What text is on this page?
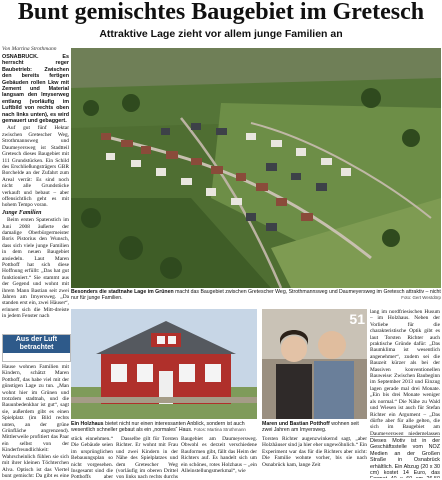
Bunt gemischtes Baugebiet im Gretesch
Attraktive Lage zieht vor allem junge Familien an
Von Martina Strothmann

OSNABRÜCK. Es herrscht reger Baubetrieb: Zwischen den bereits fertigen Gebäuden rollen Lkw mit Zement und Material langsam den Imyserweg entlang (vorläufig im Luftbild von rechts oben nach links unten), es wird gemauert und gebaggert.

Auf gut fünf Hektar zwischen Gretescher Weg, Strothmannsweg und Daumeyersweg ist Stadtteil Gretesch dieses Baugebiet mit 111 Grundstücken. Ein Schild des Erschließungsträgers GBR Borchelde an der Zufahrt zum Areal verrät: Es sind noch nicht alle Grundstücke verkauft und bebaut – aber offensichtlich geht es mit hohem Tempo voran.

Junge Familien

Beim ersten Spatenstich im Juni 2008 äußerte der damalige Oberbürgermeister Boris Pistorius den Wunsch, dass sich viele junge Familien in dem neuen Baugebiet ansiedeln. Laut Maren Potthoff hat sich diese Hoffnung erfüllt: „Das hat gut funktioniert.“ Sie stammt aus der Gegend und wohnt mit ihrem Mann Bastian seit zwei Jahren am Imyersweg. „Da standen erst ein, zwei Häuser“, erinnert sich die Mitt-dreiste in jedem Fenster nach

Aus der Luft betrachtet

Hause wohnen Familien mit Kindern, schätzt Maren Potthoff, das habe viel mit der günstigen Lage zu tun. „Man wohnt hier im Grünen und trotzdem stadtnah, und die Bauunbedenkbar ist gut“, sagt sie, außerdem gibt es einen Spielplatz (im Bild rechts unten, an der grüne Grünfläche angrenzend). Mittlerweile profitiert das Paar ein selbst von der Kinderfreundlichkeit: Wahrscheinlich fühlen sie sich mit ihrer kleinen Töchterchen Alva. Optisch ist das Viertel bunt gemischt: Da gibt es eine

Besonders die stadtnahe Lage im Grünen macht das Baugebiet zwischen Gretescher Weg, Strothmannsweg und Daumeyersweg im Gretesch attraktiv – nicht nur für junge Familien.	Foto: Gert Westdörp
Ein Holzhaus bietet nicht nur einen interessanten Anblick, sondern ist auch wesentlich schneller gebaut als ein „normales“ Haus. Fotos: Martina Strothmann
51
Maren und Bastian Potthoff wohnen seit zwei Jahren am Imyersweg.

lang im nordfriesischen Husum – im Holzhaus. Neben der Vorliebe für die charakteristische Optik gibt es laut Torsten Richter auch praktische Gründe dafür: „Das Baumklima ist wesentlich angenehmer“, zudem sei die Bauzeit kürzer als bei der Massiven konventionellen Bauweise: Zwischen Baubeginn im September 2013 und Einzug lagen gerade mal drei Monate. „Ein bis drei Monate weniger als normal.“ Die Nähe zu Wald und Wiesen ist auch für Stefan Richter ein Argument – „Das dürfte aber für alle gelten, die sich im Baugebiet am Daumeyersweg niedergelassen

Dieses Motiv ist in der Geschäftsstelle vom NOZ Medien an der Großen Straße in Osnabrück erhältlich. Ein Abzug (20 x 30 cm) kostet 14 Euro, das

stück einnehmen.“ Die Gebäude seien im ursprünglichen Bebauungsplan so nicht vorgesehen. Insgesamt sind die Potthoffs aber

Dasselbe gilt für Torsten Richter. Er wohnt mit Frau und zwei Kindern in der Nähe des Spielplatzes und dem Gretescher Weg (vorläufig im oberen Drittel von links nach rechts durchs

Baugebiet am Daumeyersweg. Obwohl es derzeit verschiedene Bauformen gibt, fällt das Heim der Richters auf. Es handelt sich um ein schönes, rotes Holzhaus – „ein Alleinstellungsmerkmal“, wie

Torsten Richter augenzwinkernd sagt, „aber Holzhäuser sind ja hier eher ungewöhnlich.“ Ein Experiment war das für die Richters aber nicht: Die Familie wohnte vorher, bis sie nach Osnabrück kam, lange Zeit
